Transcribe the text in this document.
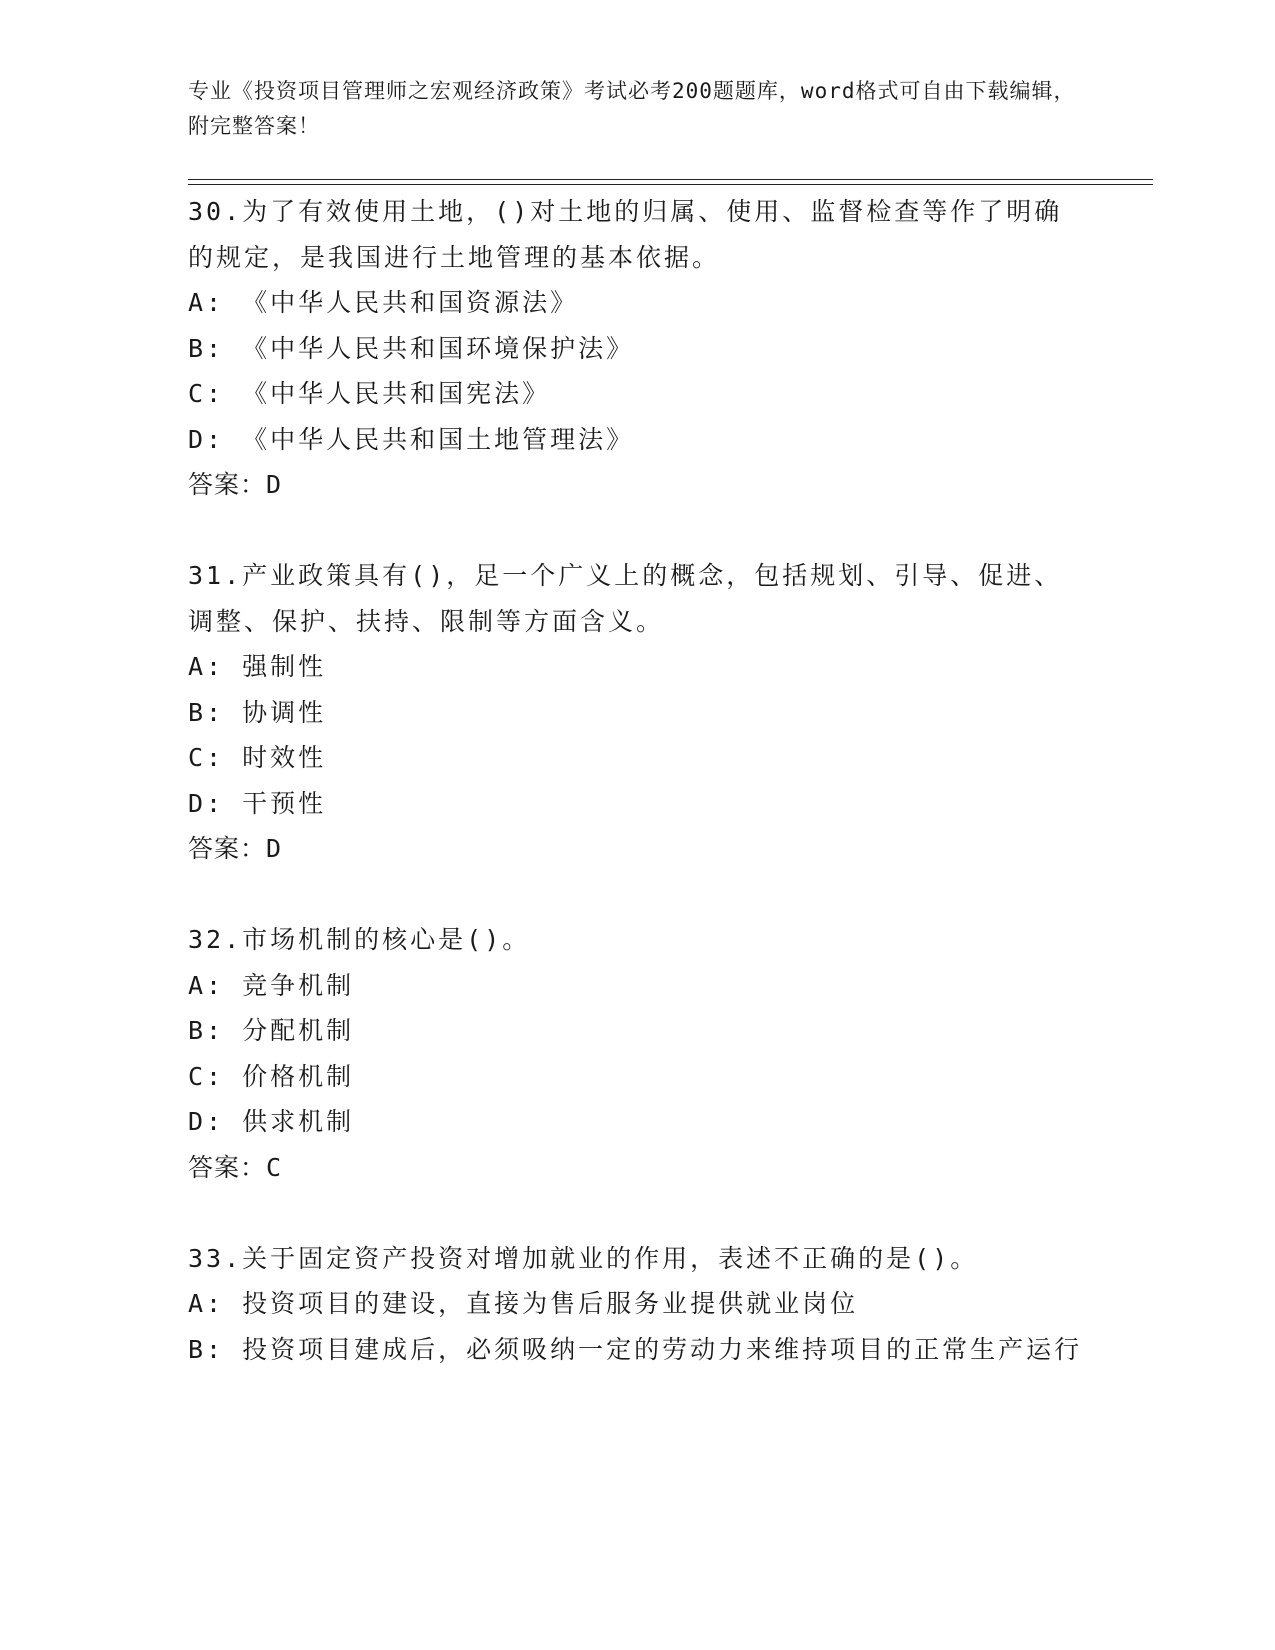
专业《投资项目管理师之宏观经济政策》考试必考200题题库，word格式可自由下载编辑，附完整答案！

30.为了有效使用土地，()对土地的归属、使用、监督检查等作了明确的规定，是我国进行土地管理的基本依据。

A: 《中华人民共和国资源法》

B: 《中华人民共和国环境保护法》

C: 《中华人民共和国宪法》

D: 《中华人民共和国土地管理法》

答案：D

31.产业政策具有()，足一个广义上的概念，包括规划、引导、促进、调整、保护、扶持、限制等方面含义。

A: 强制性

B: 协调性

C: 时效性

D: 干预性

答案：D

32.市场机制的核心是()。

A: 竞争机制

B: 分配机制

C: 价格机制

D: 供求机制

答案：C

33.关于固定资产投资对增加就业的作用，表述不正确的是()。

A: 投资项目的建设，直接为售后服务业提供就业岗位

B: 投资项目建成后，必须吸纳一定的劳动力来维持项目的正常生产运行
